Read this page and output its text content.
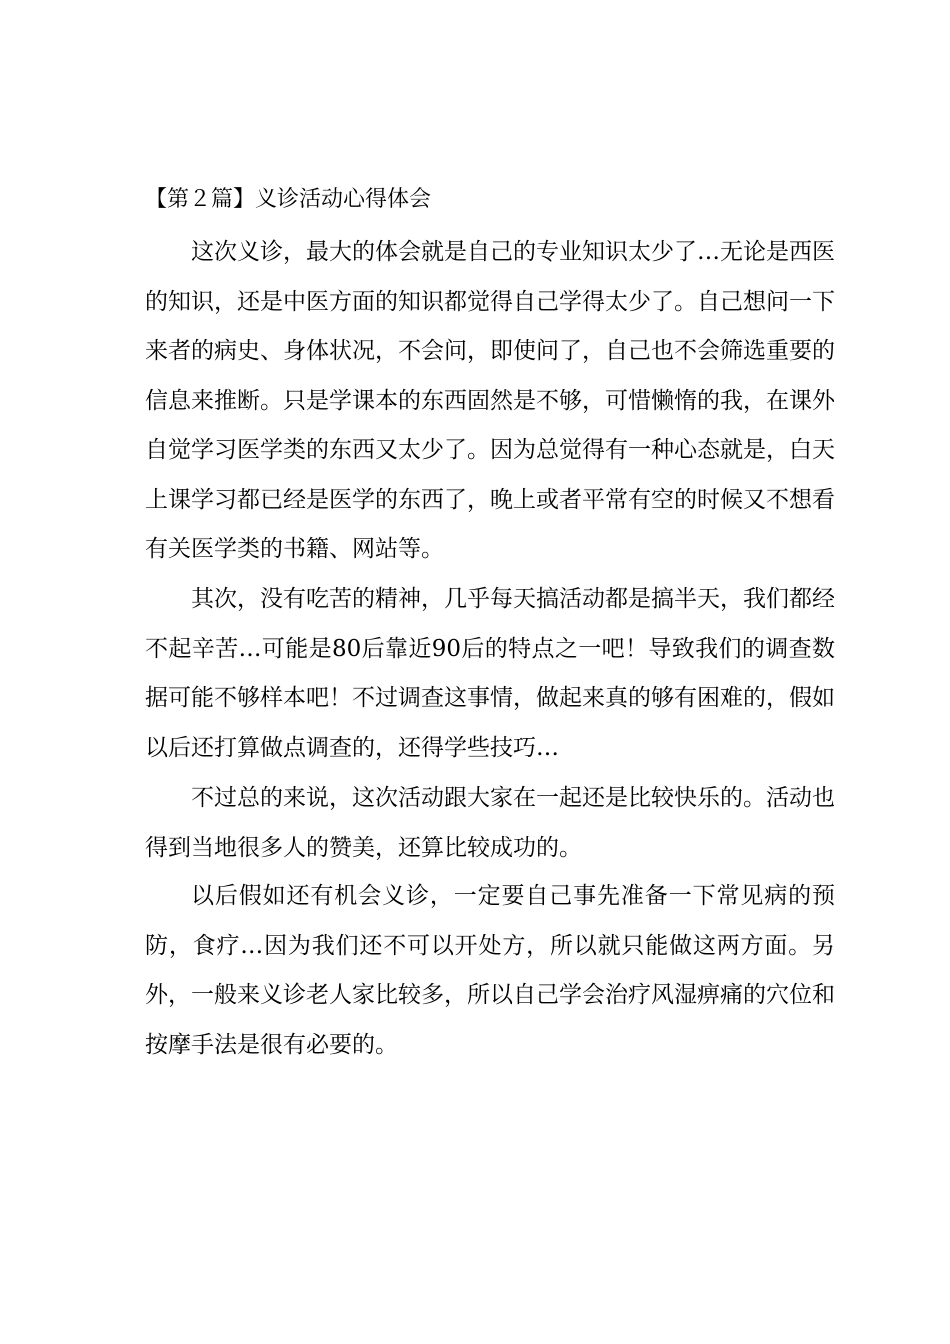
【第２篇】义诊活动心得体会

这次义诊，最大的体会就是自己的专业知识太少了…无论是西医的知识，还是中医方面的知识都觉得自己学得太少了。自己想问一下来者的病史、身体状况，不会问，即使问了，自己也不会筛选重要的信息来推断。只是学课本的东西固然是不够，可惜懒惰的我，在课外自觉学习医学类的东西又太少了。因为总觉得有一种心态就是，白天上课学习都已经是医学的东西了，晚上或者平常有空的时候又不想看有关医学类的书籍、网站等。

其次，没有吃苦的精神，几乎每天搞活动都是搞半天，我们都经不起辛苦…可能是80后靠近90后的特点之一吧！导致我们的调查数据可能不够样本吧！不过调查这事情，做起来真的够有困难的，假如以后还打算做点调查的，还得学些技巧…

不过总的来说，这次活动跟大家在一起还是比较快乐的。活动也得到当地很多人的赞美，还算比较成功的。

以后假如还有机会义诊，一定要自己事先准备一下常见病的预防，食疗…因为我们还不可以开处方，所以就只能做这两方面。另外，一般来义诊老人家比较多，所以自己学会治疗风湿痹痛的穴位和按摩手法是很有必要的。
